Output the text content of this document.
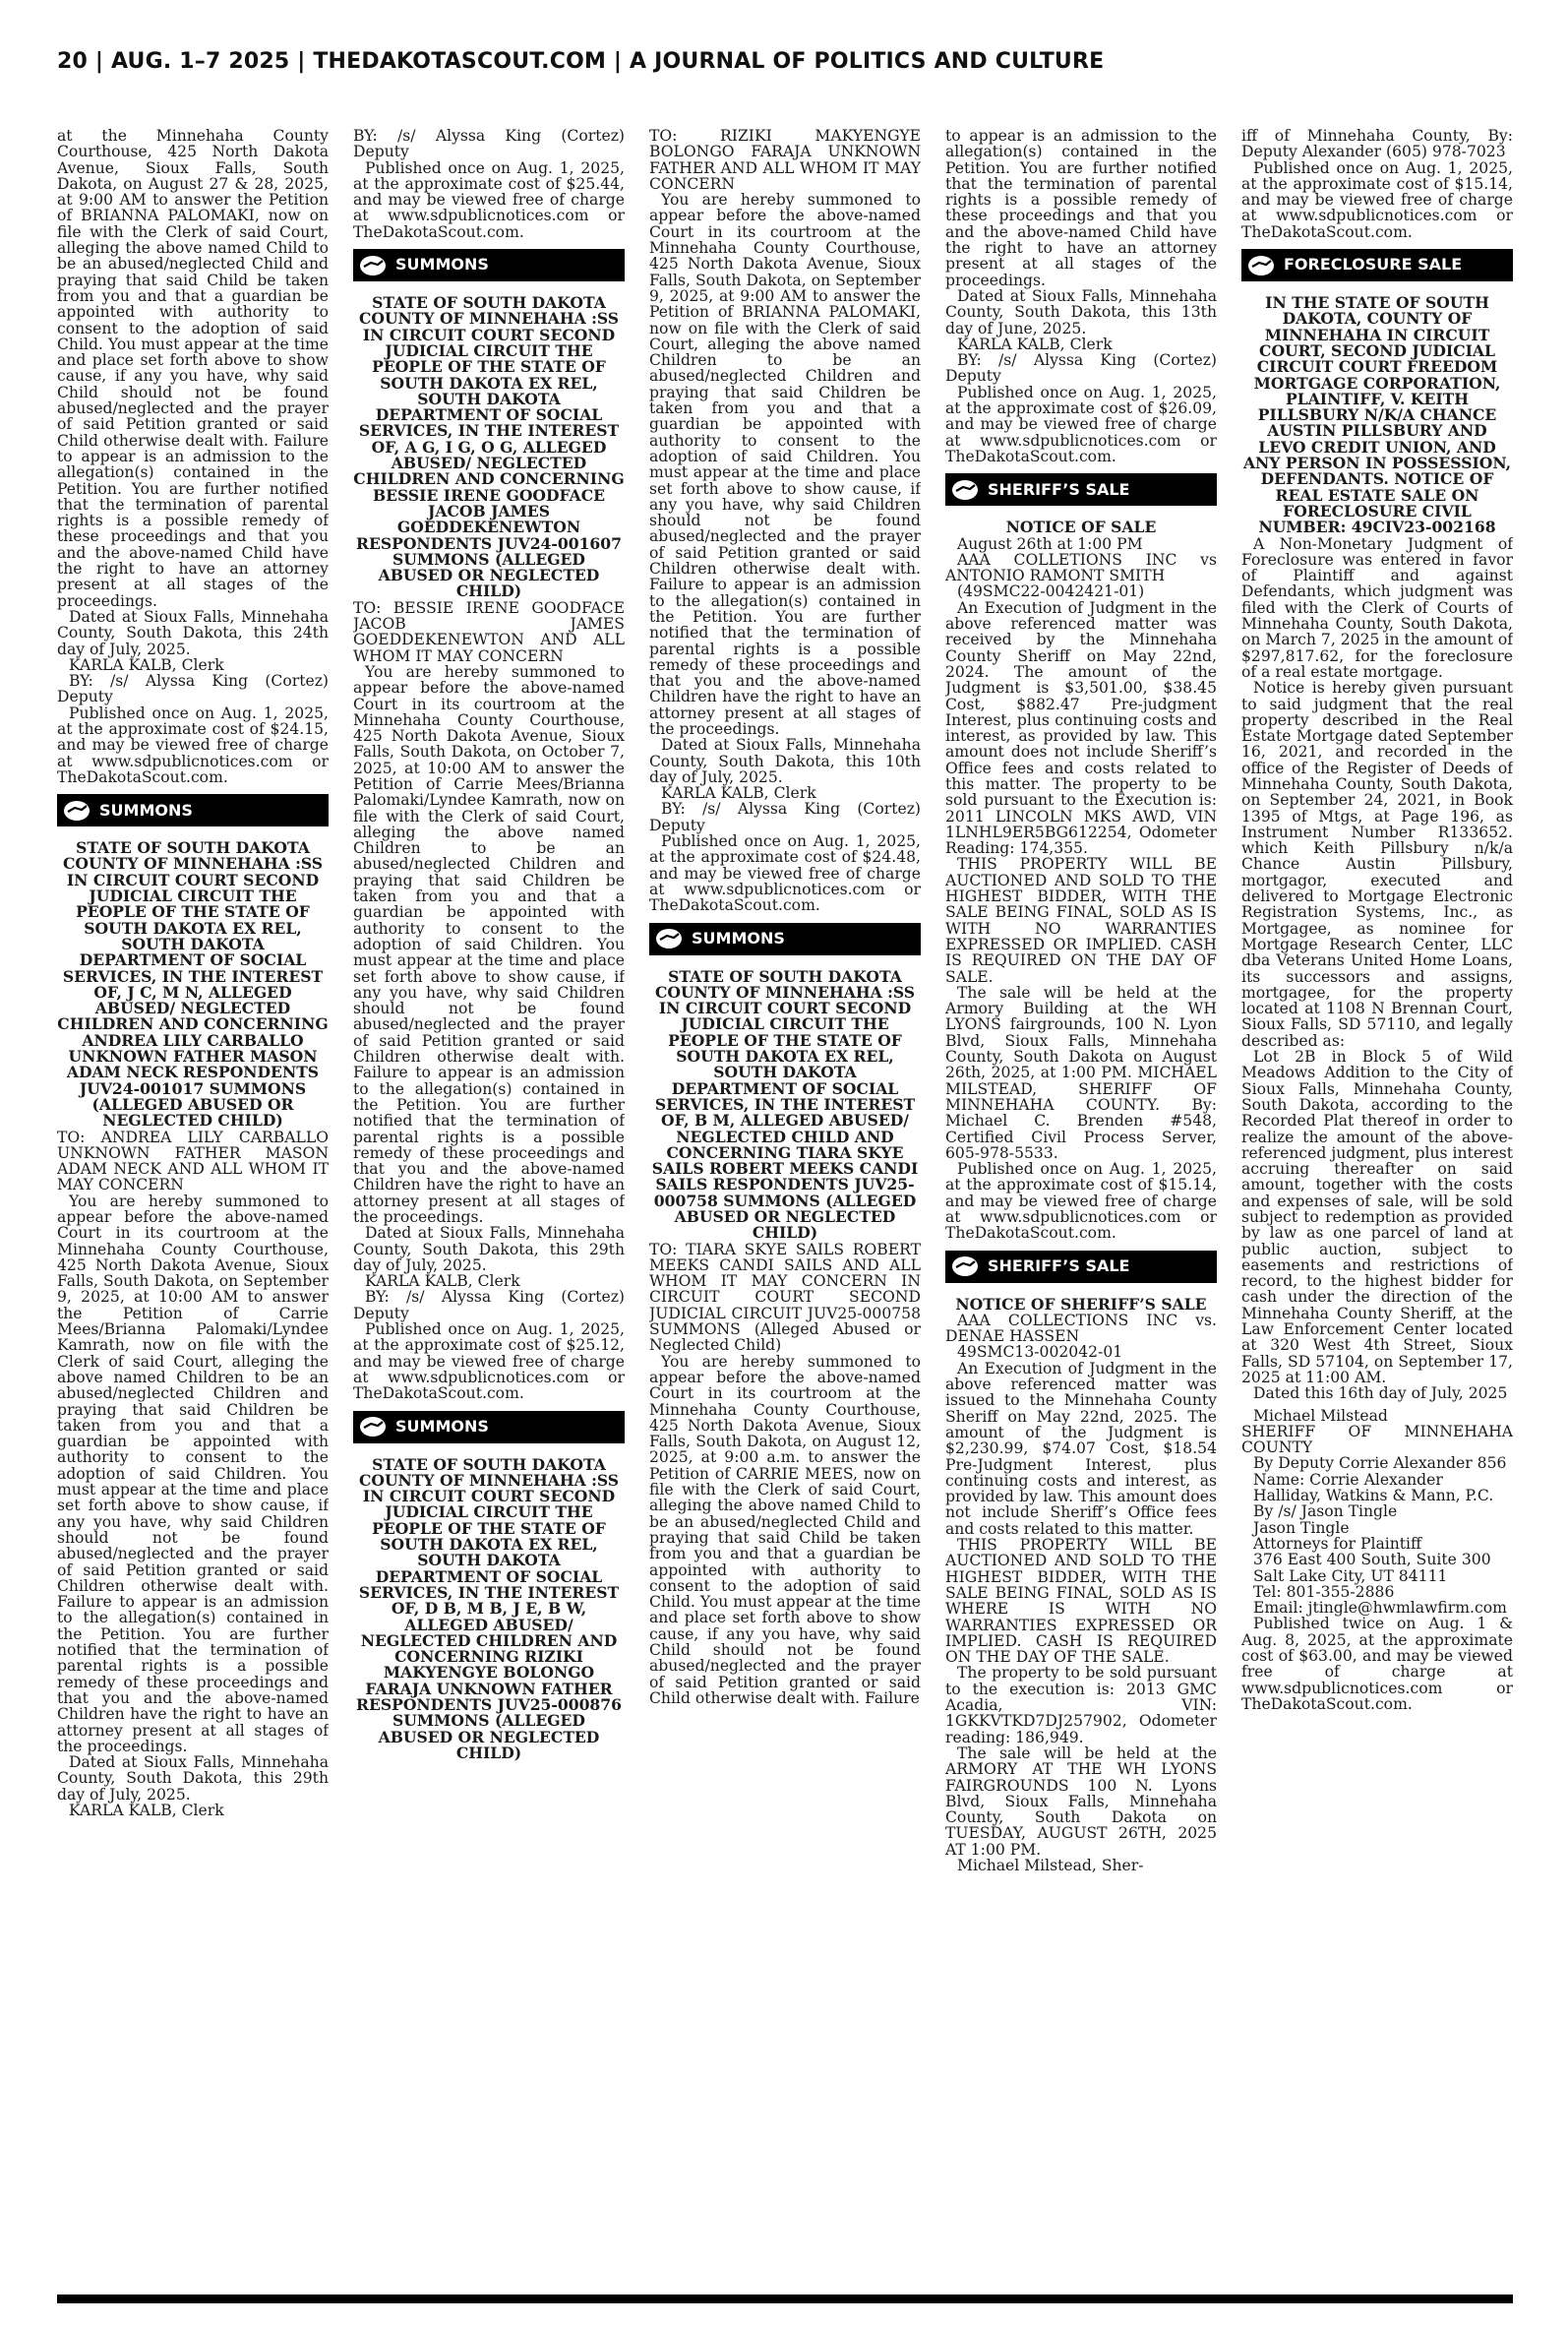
20 | AUG. 1–7 2025 | THEDAKOTASCOUT.COM | A JOURNAL OF POLITICS AND CULTURE

at the Minnehaha County Courthouse, 425 North Dakota Avenue, Sioux Falls, South Dakota, on August 27 & 28, 2025, at 9:00 AM to answer the Petition of BRIANNA PALOMAKI, now on file with the Clerk of said Court, alleging the above named Child to be an abused/neglected Child and praying that said Child be taken from you and that a guardian be appointed with authority to consent to the adoption of said Child. You must appear at the time and place set forth above to show cause, if any you have, why said Child should not be found abused/neglected and the prayer of said Petition granted or said Child otherwise dealt with. Failure to appear is an admission to the allegation(s) contained in the Petition. You are further notified that the termination of parental rights is a possible remedy of these proceedings and that you and the above-named Child have the right to have an attorney present at all stages of the proceedings.

Dated at Sioux Falls, Minnehaha County, South Dakota, this 24th day of July, 2025.

KARLA KALB, Clerk

BY: /s/ Alyssa King (Cortez) Deputy

Published once on Aug. 1, 2025, at the approximate cost of $24.15, and may be viewed free of charge at www.sdpublicnotices.com or TheDakotaScout.com.

SUMMONS

STATE OF SOUTH DAKOTA COUNTY OF MINNEHAHA :SS IN CIRCUIT COURT SECOND JUDICIAL CIRCUIT THE PEOPLE OF THE STATE OF SOUTH DAKOTA EX REL, SOUTH DAKOTA DEPARTMENT OF SOCIAL SERVICES, IN THE INTEREST OF, J C, M N, ALLEGED ABUSED/ NEGLECTED CHILDREN AND CONCERNING ANDREA LILY CARBALLO UNKNOWN FATHER MASON ADAM NECK RESPONDENTS JUV24-001017 SUMMONS (ALLEGED ABUSED OR NEGLECTED CHILD)

TO: ANDREA LILY CARBALLO UNKNOWN FATHER MASON ADAM NECK AND ALL WHOM IT MAY CONCERN

You are hereby summoned to appear before the above-named Court in its courtroom at the Minnehaha County Courthouse, 425 North Dakota Avenue, Sioux Falls, South Dakota, on September 9, 2025, at 10:00 AM to answer the Petition of Carrie Mees/Brianna Palomaki/Lyndee Kamrath, now on file with the Clerk of said Court, alleging the above named Children to be an abused/neglected Children and praying that said Children be taken from you and that a guardian be appointed with authority to consent to the adoption of said Children. You must appear at the time and place set forth above to show cause, if any you have, why said Children should not be found abused/neglected and the prayer of said Petition granted or said Children otherwise dealt with. Failure to appear is an admission to the allegation(s) contained in the Petition. You are further notified that the termination of parental rights is a possible remedy of these proceedings and that you and the above-named Children have the right to have an attorney present at all stages of the proceedings.

Dated at Sioux Falls, Minnehaha County, South Dakota, this 29th day of July, 2025.

KARLA KALB, Clerk

BY: /s/ Alyssa King (Cortez) Deputy

Published once on Aug. 1, 2025, at the approximate cost of $25.44, and may be viewed free of charge at www.sdpublicnotices.com or TheDakotaScout.com.

SUMMONS

STATE OF SOUTH DAKOTA COUNTY OF MINNEHAHA :SS IN CIRCUIT COURT SECOND JUDICIAL CIRCUIT THE PEOPLE OF THE STATE OF SOUTH DAKOTA EX REL, SOUTH DAKOTA DEPARTMENT OF SOCIAL SERVICES, IN THE INTEREST OF, A G, I G, O G, ALLEGED ABUSED/ NEGLECTED CHILDREN AND CONCERNING BESSIE IRENE GOODFACE JACOB JAMES GOEDDEKENEWTON RESPONDENTS JUV24-001607 SUMMONS (ALLEGED ABUSED OR NEGLECTED CHILD)

TO: BESSIE IRENE GOODFACE JACOB JAMES GOEDDEKENEWTON AND ALL WHOM IT MAY CONCERN

You are hereby summoned to appear before the above-named Court in its courtroom at the Minnehaha County Courthouse, 425 North Dakota Avenue, Sioux Falls, South Dakota, on October 7, 2025, at 10:00 AM to answer the Petition of Carrie Mees/Brianna Palomaki/Lyndee Kamrath, now on file with the Clerk of said Court, alleging the above named Children to be an abused/neglected Children and praying that said Children be taken from you and that a guardian be appointed with authority to consent to the adoption of said Children. You must appear at the time and place set forth above to show cause, if any you have, why said Children should not be found abused/neglected and the prayer of said Petition granted or said Children otherwise dealt with. Failure to appear is an admission to the allegation(s) contained in the Petition. You are further notified that the termination of parental rights is a possible remedy of these proceedings and that you and the above-named Children have the right to have an attorney present at all stages of the proceedings.

Dated at Sioux Falls, Minnehaha County, South Dakota, this 29th day of July, 2025.

KARLA KALB, Clerk

BY: /s/ Alyssa King (Cortez) Deputy

Published once on Aug. 1, 2025, at the approximate cost of $25.12, and may be viewed free of charge at www.sdpublicnotices.com or TheDakotaScout.com.

SUMMONS

STATE OF SOUTH DAKOTA COUNTY OF MINNEHAHA :SS IN CIRCUIT COURT SECOND JUDICIAL CIRCUIT THE PEOPLE OF THE STATE OF SOUTH DAKOTA EX REL, SOUTH DAKOTA DEPARTMENT OF SOCIAL SERVICES, IN THE INTEREST OF, D B, M B, J E, B W, ALLEGED ABUSED/ NEGLECTED CHILDREN AND CONCERNING RIZIKI MAKYENGYE BOLONGO FARAJA UNKNOWN FATHER RESPONDENTS JUV25-000876 SUMMONS (ALLEGED ABUSED OR NEGLECTED CHILD)

TO: RIZIKI MAKYENGYE BOLONGO FARAJA UNKNOWN FATHER AND ALL WHOM IT MAY CONCERN

You are hereby summoned to appear before the above-named Court in its courtroom at the Minnehaha County Courthouse, 425 North Dakota Avenue, Sioux Falls, South Dakota, on September 9, 2025, at 9:00 AM to answer the Petition of BRIANNA PALOMAKI, now on file with the Clerk of said Court, alleging the above named Children to be an abused/neglected Children and praying that said Children be taken from you and that a guardian be appointed with authority to consent to the adoption of said Children. You must appear at the time and place set forth above to show cause, if any you have, why said Children should not be found abused/neglected and the prayer of said Petition granted or said Children otherwise dealt with. Failure to appear is an admission to the allegation(s) contained in the Petition. You are further notified that the termination of parental rights is a possible remedy of these proceedings and that you and the above-named Children have the right to have an attorney present at all stages of the proceedings.

Dated at Sioux Falls, Minnehaha County, South Dakota, this 10th day of July, 2025.

KARLA KALB, Clerk

BY: /s/ Alyssa King (Cortez) Deputy

Published once on Aug. 1, 2025, at the approximate cost of $24.48, and may be viewed free of charge at www.sdpublicnotices.com or TheDakotaScout.com.

SUMMONS

STATE OF SOUTH DAKOTA COUNTY OF MINNEHAHA :SS IN CIRCUIT COURT SECOND JUDICIAL CIRCUIT THE PEOPLE OF THE STATE OF SOUTH DAKOTA EX REL, SOUTH DAKOTA DEPARTMENT OF SOCIAL SERVICES, IN THE INTEREST OF, B M, ALLEGED ABUSED/ NEGLECTED CHILD AND CONCERNING TIARA SKYE SAILS ROBERT MEEKS CANDI SAILS RESPONDENTS JUV25-000758 SUMMONS (ALLEGED ABUSED OR NEGLECTED CHILD)

TO: TIARA SKYE SAILS ROBERT MEEKS CANDI SAILS AND ALL WHOM IT MAY CONCERN IN CIRCUIT COURT SECOND JUDICIAL CIRCUIT JUV25-000758 SUMMONS (Alleged Abused or Neglected Child)

You are hereby summoned to appear before the above-named Court in its courtroom at the Minnehaha County Courthouse, 425 North Dakota Avenue, Sioux Falls, South Dakota, on August 12, 2025, at 9:00 a.m. to answer the Petition of CARRIE MEES, now on file with the Clerk of said Court, alleging the above named Child to be an abused/neglected Child and praying that said Child be taken from you and that a guardian be appointed with authority to consent to the adoption of said Child. You must appear at the time and place set forth above to show cause, if any you have, why said Child should not be found abused/neglected and the prayer of said Petition granted or said Child otherwise dealt with. Failure

to appear is an admission to the allegation(s) contained in the Petition. You are further notified that the termination of parental rights is a possible remedy of these proceedings and that you and the above-named Child have the right to have an attorney present at all stages of the proceedings.

Dated at Sioux Falls, Minnehaha County, South Dakota, this 13th day of June, 2025.

KARLA KALB, Clerk

BY: /s/ Alyssa King (Cortez) Deputy

Published once on Aug. 1, 2025, at the approximate cost of $26.09, and may be viewed free of charge at www.sdpublicnotices.com or TheDakotaScout.com.

SHERIFF’S SALE

NOTICE OF SALE

August 26th at 1:00 PM

AAA COLLETIONS INC vs ANTONIO RAMONT SMITH

(49SMC22-0042421-01)

An Execution of Judgment in the above referenced matter was received by the Minnehaha County Sheriff on May 22nd, 2024. The amount of the Judgment is $3,501.00, $38.45 Cost, $882.47 Pre-judgment Interest, plus continuing costs and interest, as provided by law. This amount does not include Sheriff’s Office fees and costs related to this matter. The property to be sold pursuant to the Execution is: 2011 LINCOLN MKS AWD, VIN 1LNHL9ER5BG612254, Odometer Reading: 174,355.

THIS PROPERTY WILL BE AUCTIONED AND SOLD TO THE HIGHEST BIDDER, WITH THE SALE BEING FINAL, SOLD AS IS WITH NO WARRANTIES EXPRESSED OR IMPLIED. CASH IS REQUIRED ON THE DAY OF SALE.

The sale will be held at the Armory Building at the WH LYONS fairgrounds, 100 N. Lyon Blvd, Sioux Falls, Minnehaha County, South Dakota on August 26th, 2025, at 1:00 PM. MICHAEL MILSTEAD, SHERIFF OF MINNEHAHA COUNTY. By: Michael C. Brenden #548, Certified Civil Process Server, 605-978-5533.

Published once on Aug. 1, 2025, at the approximate cost of $15.14, and may be viewed free of charge at www.sdpublicnotices.com or TheDakotaScout.com.

SHERIFF’S SALE

NOTICE OF SHERIFF’S SALE

AAA COLLECTIONS INC vs. DENAE HASSEN

49SMC13-002042-01

An Execution of Judgment in the above referenced matter was issued to the Minnehaha County Sheriff on May 22nd, 2025. The amount of the Judgment is $2,230.99, $74.07 Cost, $18.54 Pre-Judgment Interest, plus continuing costs and interest, as provided by law. This amount does not include Sheriff’s Office fees and costs related to this matter.

THIS PROPERTY WILL BE AUCTIONED AND SOLD TO THE HIGHEST BIDDER, WITH THE SALE BEING FINAL, SOLD AS IS WHERE IS WITH NO WARRANTIES EXPRESSED OR IMPLIED. CASH IS REQUIRED ON THE DAY OF THE SALE.

The property to be sold pursuant to the execution is: 2013 GMC Acadia, VIN: 1GKKVTKD7DJ257902, Odometer reading: 186,949.

The sale will be held at the ARMORY AT THE WH LYONS FAIRGROUNDS 100 N. Lyons Blvd, Sioux Falls, Minnehaha County, South Dakota on TUESDAY, AUGUST 26TH, 2025 AT 1:00 PM.

Michael Milstead, Sher-

iff of Minnehaha County, By: Deputy Alexander (605) 978-7023

Published once on Aug. 1, 2025, at the approximate cost of $15.14, and may be viewed free of charge at www.sdpublicnotices.com or TheDakotaScout.com.

FORECLOSURE SALE

IN THE STATE OF SOUTH DAKOTA, COUNTY OF MINNEHAHA IN CIRCUIT COURT, SECOND JUDICIAL CIRCUIT COURT FREEDOM MORTGAGE CORPORATION, PLAINTIFF, V. KEITH PILLSBURY N/K/A CHANCE AUSTIN PILLSBURY AND LEVO CREDIT UNION, AND ANY PERSON IN POSSESSION, DEFENDANTS. NOTICE OF REAL ESTATE SALE ON FORECLOSURE CIVIL NUMBER: 49CIV23-002168

A Non-Monetary Judgment of Foreclosure was entered in favor of Plaintiff and against Defendants, which judgment was filed with the Clerk of Courts of Minnehaha County, South Dakota, on March 7, 2025 in the amount of $297,817.62, for the foreclosure of a real estate mortgage.

Notice is hereby given pursuant to said judgment that the real property described in the Real Estate Mortgage dated September 16, 2021, and recorded in the office of the Register of Deeds of Minnehaha County, South Dakota, on September 24, 2021, in Book 1395 of Mtgs, at Page 196, as Instrument Number R133652. which Keith Pillsbury n/k/a Chance Austin Pillsbury, mortgagor, executed and delivered to Mortgage Electronic Registration Systems, Inc., as Mortgagee, as nominee for Mortgage Research Center, LLC dba Veterans United Home Loans, its successors and assigns, mortgagee, for the property located at 1108 N Brennan Court, Sioux Falls, SD 57110, and legally described as:

Lot 2B in Block 5 of Wild Meadows Addition to the City of Sioux Falls, Minnehaha County, South Dakota, according to the Recorded Plat thereof in order to realize the amount of the above-referenced judgment, plus interest accruing thereafter on said amount, together with the costs and expenses of sale, will be sold subject to redemption as provided by law as one parcel of land at public auction, subject to easements and restrictions of record, to the highest bidder for cash under the direction of the Minnehaha County Sheriff, at the Law Enforcement Center located at 320 West 4th Street, Sioux Falls, SD 57104, on September 17, 2025 at 11:00 AM.

Dated this 16th day of July, 2025

Michael Milstead

SHERIFF OF MINNEHAHA COUNTY

By Deputy Corrie Alexander 856

Name: Corrie Alexander

Halliday, Watkins & Mann, P.C.

By /s/ Jason Tingle

Jason Tingle

Attorneys for Plaintiff

376 East 400 South, Suite 300

Salt Lake City, UT 84111

Tel: 801-355-2886

Email: jtingle@hwmlawfirm.com

Published twice on Aug. 1 & Aug. 8, 2025, at the approximate cost of $63.00, and may be viewed free of charge at www.sdpublicnotices.com or TheDakotaScout.com.
